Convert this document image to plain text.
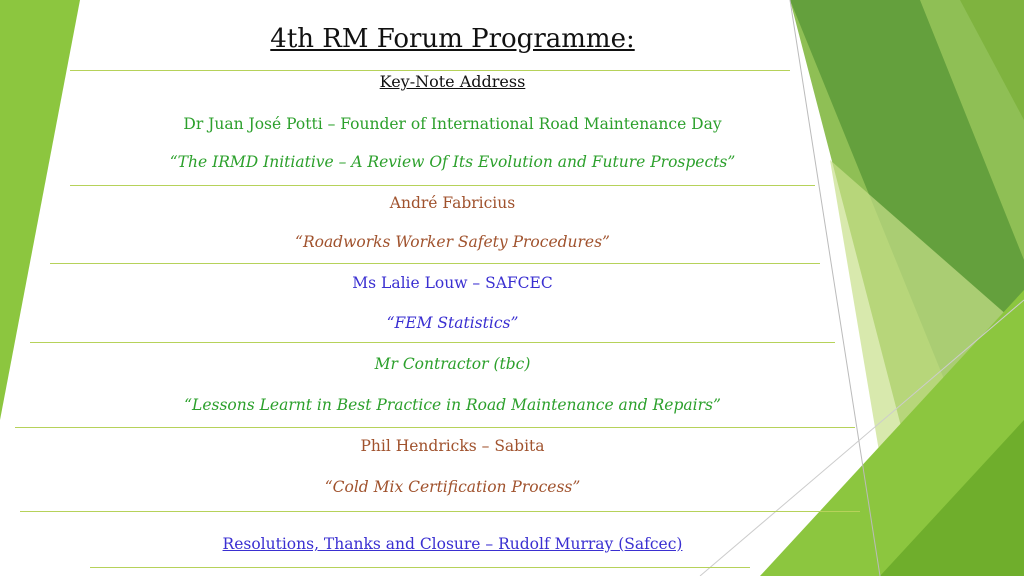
4th RM Forum Programme:
Key-Note Address
Dr Juan José Potti – Founder of International Road Maintenance Day
“The IRMD Initiative – A Review Of Its Evolution and Future Prospects”
André Fabricius
“Roadworks Worker Safety Procedures”
Ms Lalie Louw – SAFCEC
“FEM Statistics”
Mr Contractor (tbc)
“Lessons Learnt in Best Practice in Road Maintenance and Repairs”
Phil Hendricks – Sabita
“Cold Mix Certification Process”
Resolutions, Thanks and Closure – Rudolf Murray (Safcec)
